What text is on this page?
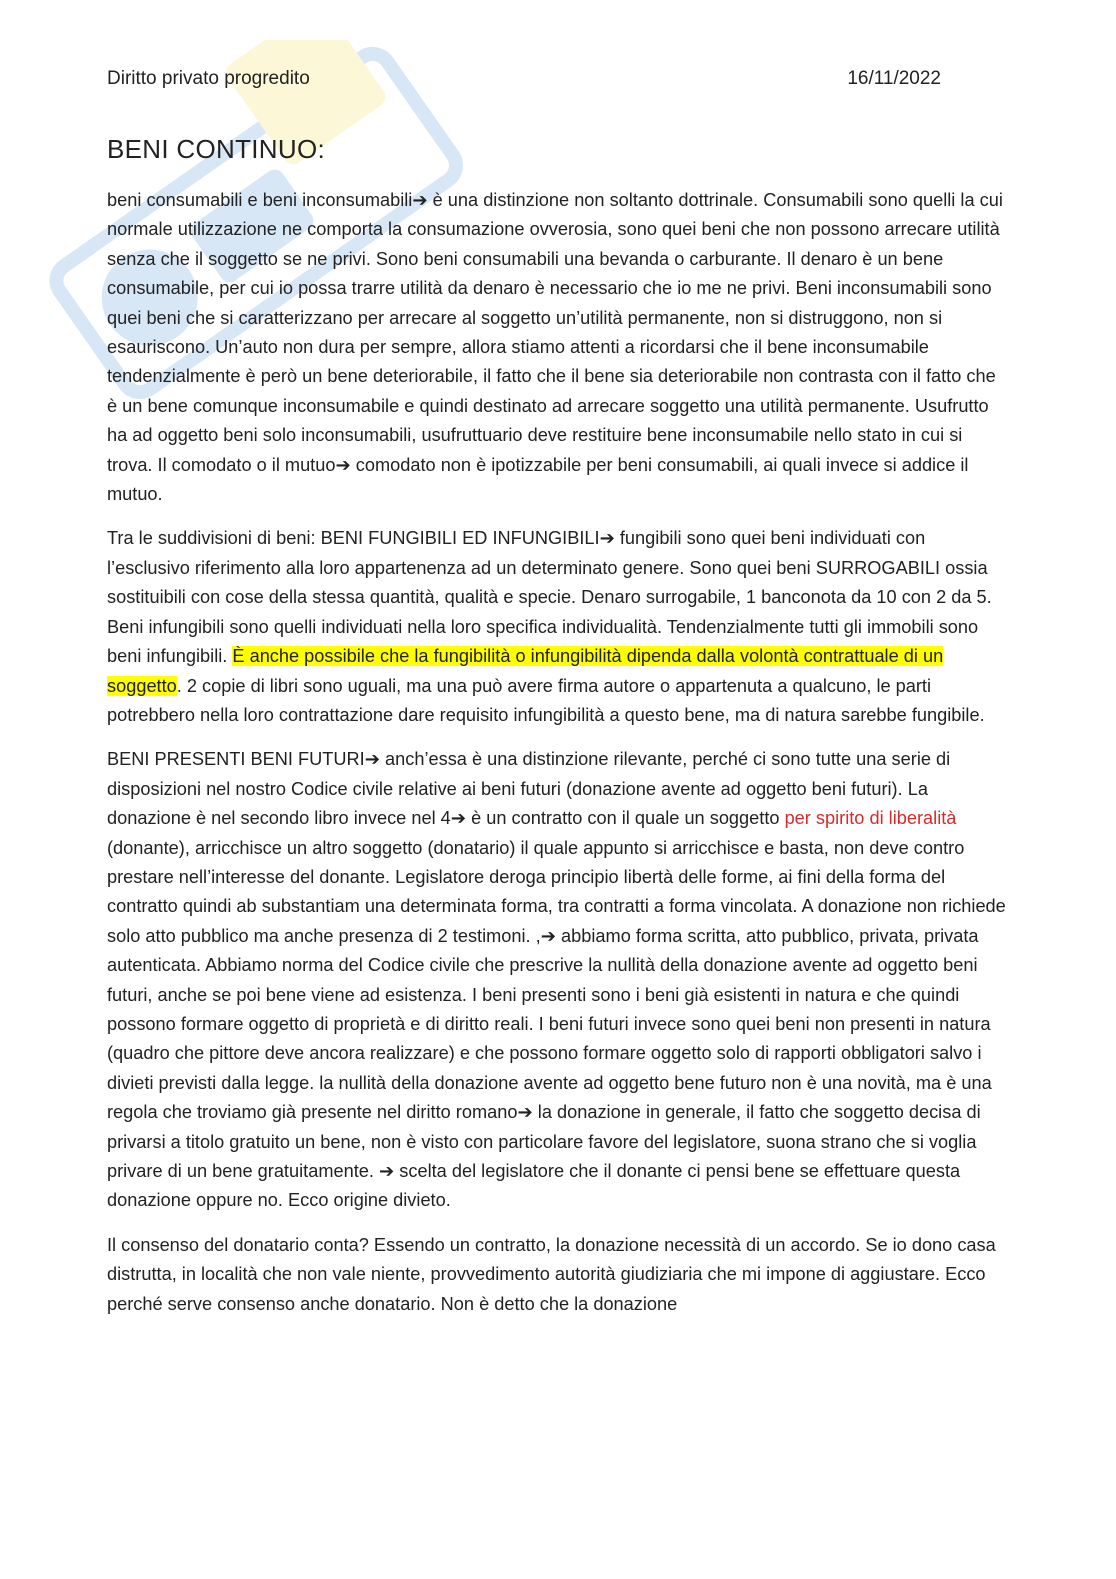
Diritto privato progredito	16/11/2022
BENI CONTINUO:

beni consumabili e beni inconsumabili➔ è una distinzione non soltanto dottrinale. Consumabili sono quelli la cui normale utilizzazione ne comporta la consumazione ovverosia, sono quei beni che non possono arrecare utilità senza che il soggetto se ne privi. Sono beni consumabili una bevanda o carburante. Il denaro è un bene consumabile, per cui io possa trarre utilità da denaro è necessario che io me ne privi. Beni inconsumabili sono quei beni che si caratterizzano per arrecare al soggetto un’utilità permanente, non si distruggono, non si esauriscono. Un’auto non dura per sempre, allora stiamo attenti a ricordarsi che il bene inconsumabile tendenzialmente è però un bene deteriorabile, il fatto che il bene sia deteriorabile non contrasta con il fatto che è un bene comunque inconsumabile e quindi destinato ad arrecare soggetto una utilità permanente. Usufrutto ha ad oggetto beni solo inconsumabili, usufruttuario deve restituire bene inconsumabile nello stato in cui si trova. Il comodato o il mutuo➔ comodato non è ipotizzabile per beni consumabili, ai quali invece si addice il mutuo.

Tra le suddivisioni di beni: BENI FUNGIBILI ED INFUNGIBILI➔ fungibili sono quei beni individuati con l’esclusivo riferimento alla loro appartenenza ad un determinato genere. Sono quei beni SURROGABILI ossia sostituibili con cose della stessa quantità, qualità e specie. Denaro surrogabile, 1 banconota da 10 con 2 da 5. Beni infungibili sono quelli individuati nella loro specifica individualità. Tendenzialmente tutti gli immobili sono beni infungibili. È anche possibile che la fungibilità o infungibilità dipenda dalla volontà contrattuale di un soggetto. 2 copie di libri sono uguali, ma una può avere firma autore o appartenuta a qualcuno, le parti potrebbero nella loro contrattazione dare requisito infungibilità a questo bene, ma di natura sarebbe fungibile.

BENI PRESENTI BENI FUTURI➔ anch’essa è una distinzione rilevante, perché ci sono tutte una serie di disposizioni nel nostro Codice civile relative ai beni futuri (donazione avente ad oggetto beni futuri). La donazione è nel secondo libro invece nel 4➔ è un contratto con il quale un soggetto per spirito di liberalità (donante), arricchisce un altro soggetto (donatario) il quale appunto si arricchisce e basta, non deve contro prestare nell’interesse del donante. Legislatore deroga principio libertà delle forme, ai fini della forma del contratto quindi ab substantiam una determinata forma, tra contratti a forma vincolata. A donazione non richiede solo atto pubblico ma anche presenza di 2 testimoni. ,➔ abbiamo forma scritta, atto pubblico, privata, privata autenticata. Abbiamo norma del Codice civile che prescrive la nullità della donazione avente ad oggetto beni futuri, anche se poi bene viene ad esistenza. I beni presenti sono i beni già esistenti in natura e che quindi possono formare oggetto di proprietà e di diritto reali. I beni futuri invece sono quei beni non presenti in natura (quadro che pittore deve ancora realizzare) e che possono formare oggetto solo di rapporti obbligatori salvo i divieti previsti dalla legge. la nullità della donazione avente ad oggetto bene futuro non è una novità, ma è una regola che troviamo già presente nel diritto romano➔ la donazione in generale, il fatto che soggetto decisa di privarsi a titolo gratuito un bene, non è visto con particolare favore del legislatore, suona strano che si voglia privare di un bene gratuitamente. ➔ scelta del legislatore che il donante ci pensi bene se effettuare questa donazione oppure no. Ecco origine divieto.

Il consenso del donatario conta? Essendo un contratto, la donazione necessità di un accordo. Se io dono casa distrutta, in località che non vale niente, provvedimento autorità giudiziaria che mi impone di aggiustare. Ecco perché serve consenso anche donatario. Non è detto che la donazione
